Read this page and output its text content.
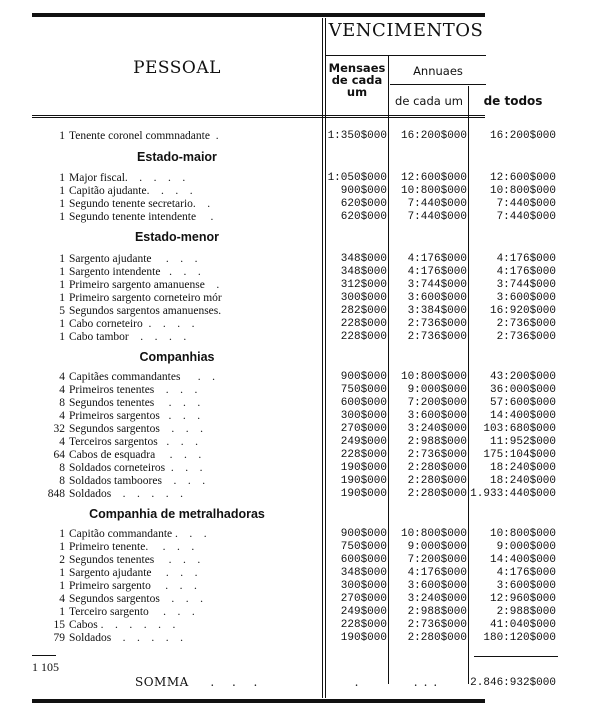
PESSOAL
VENCIMENTOS
Mensaes de cada um
Annuaes
de cada um	de todos
1 Tenente coronel commnadante  .	1:350$000	16:200$000	16:200$000
Estado-maior
1 Major fiscal.    .    .    .    .	1:050$000	12:600$000	12:600$000
1 Capitão ajudante.    .    .    .	900$000	10:800$000	10:800$000
1 Segundo tenente secretario.    .	620$000	7:440$000	7:440$000
1 Segundo tenente intendente     .	620$000	7:440$000	7:440$000
Estado-menor
1 Sargento ajudante     .    .    .	348$000	4:176$000	4:176$000
1 Sargento intendente   .    .    .	348$000	4:176$000	4:176$000
1 Primeiro sargento amanuense    .	312$000	3:744$000	3:744$000
1 Primeiro sargento corneteiro mór	300$000	3:600$000	3:600$000
5 Segundos sargentos amanuenses.	282$000	3:384$000	16:920$000
1 Cabo corneteiro  .    .    .    .	228$000	2:736$000	2:736$000
1 Cabo tambor    .    .    .    .	228$000	2:736$000	2:736$000
Companhias
4 Capitães commandantes      .    .	900$000	10:800$000	43:200$000
4 Primeiros tenentes    .    .    .	750$000	9:000$000	36:000$000
8 Segundos tenentes     .    .    .	600$000	7:200$000	57:600$000
4 Primeiros sargentos   .    .    .	300$000	3:600$000	14:400$000
32 Segundos sargentos    .    .    .	270$000	3:240$000	103:680$000
4 Terceiros sargentos   .    .    .	249$000	2:988$000	11:952$000
64 Cabos de esquadra     .    .    .	228$000	2:736$000	175:104$000
8 Soldados corneteiros  .    .    .	190$000	2:280$000	18:240$000
8 Soldados tamboores    .    .    .	190$000	2:280$000	18:240$000
848 Soldados    .    .    .    .    .	190$000	2:280$000 1.933:440$000
Companhia de metralhadoras
1 Capitão commandante .    .    .	900$000	10:800$000	10:800$000
1 Primeiro tenente.     .    .    .	750$000	9:000$000	9:000$000
2 Segundos tenentes     .    .    .	600$000	7:200$000	14:400$000
1 Sargento ajudante     .    .    .	348$000	4:176$000	4:176$000
1 Primeiro sargento     .    .    .	300$000	3:600$000	3:600$000
4 Segundos sargentos    .    .    .	270$000	3:240$000	12:960$000
1 Terceiro sargento     .    .    .	249$000	2:988$000	2:988$000
15 Cabos .    .    .    .    .    .	228$000	2:736$000	41:040$000
79 Soldados    .    .    .    .    .	190$000	2:280$000	180:120$000
1 105
SOMMA     .    .    .	.	...	2.846:932$000
